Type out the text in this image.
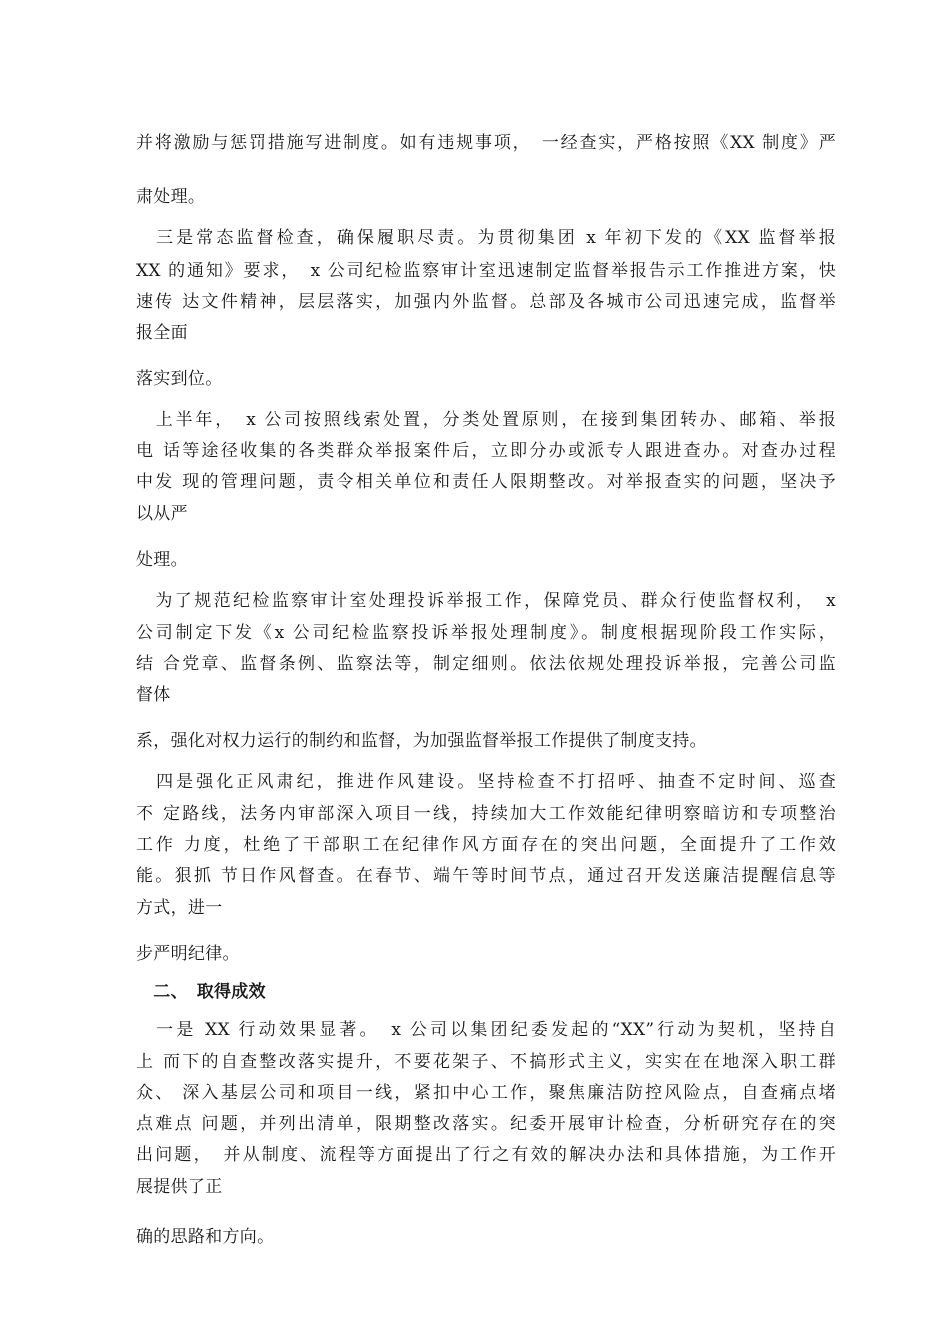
并将激励与惩罚措施写进制度。如有违规事项，　一经查实，严格按照《XX 制度》严
肃处理。
　三是常态监督检查，确保履职尽责。为贯彻集团 x 年初下发的《XX 监督举报
XX 的通知》要求，　x 公司纪检监察审计室迅速制定监督举报告示工作推进方案，快
速传 达文件精神，层层落实，加强内外监督。总部及各城市公司迅速完成，监督举
报全面
落实到位。
　上半年，　x 公司按照线索处置，分类处置原则，在接到集团转办、邮箱、举报
电 话等途径收集的各类群众举报案件后，立即分办或派专人跟进查办。对查办过程
中发 现的管理问题，责令相关单位和责任人限期整改。对举报查实的问题，坚决予
以从严
处理。
　为了规范纪检监察审计室处理投诉举报工作，保障党员、群众行使监督权利，　x
公司制定下发《x 公司纪检监察投诉举报处理制度》。制度根据现阶段工作实际，
结 合党章、监督条例、监察法等，制定细则。依法依规处理投诉举报，完善公司监
督体
系，强化对权力运行的制约和监督，为加强监督举报工作提供了制度支持。
　四是强化正风肃纪，推进作风建设。坚持检查不打招呼、抽查不定时间、巡查
不 定路线，法务内审部深入项目一线，持续加大工作效能纪律明察暗访和专项整治
工作 力度，杜绝了干部职工在纪律作风方面存在的突出问题，全面提升了工作效
能。狠抓 节日作风督查。在春节、端午等时间节点，通过召开发送廉洁提醒信息等
方式，进一
步严明纪律。
　二、　取得成效
　一是 XX 行动效果显著。　x 公司以集团纪委发起的“XX”行动为契机，坚持自
上 而下的自查整改落实提升，不要花架子、不搞形式主义，实实在在地深入职工群
众、 深入基层公司和项目一线，紧扣中心工作，聚焦廉洁防控风险点，自查痛点堵
点难点 问题，并列出清单，限期整改落实。纪委开展审计检查，分析研究存在的突
出问题，　并从制度、流程等方面提出了行之有效的解决办法和具体措施，为工作开
展提供了正
确的思路和方向。
